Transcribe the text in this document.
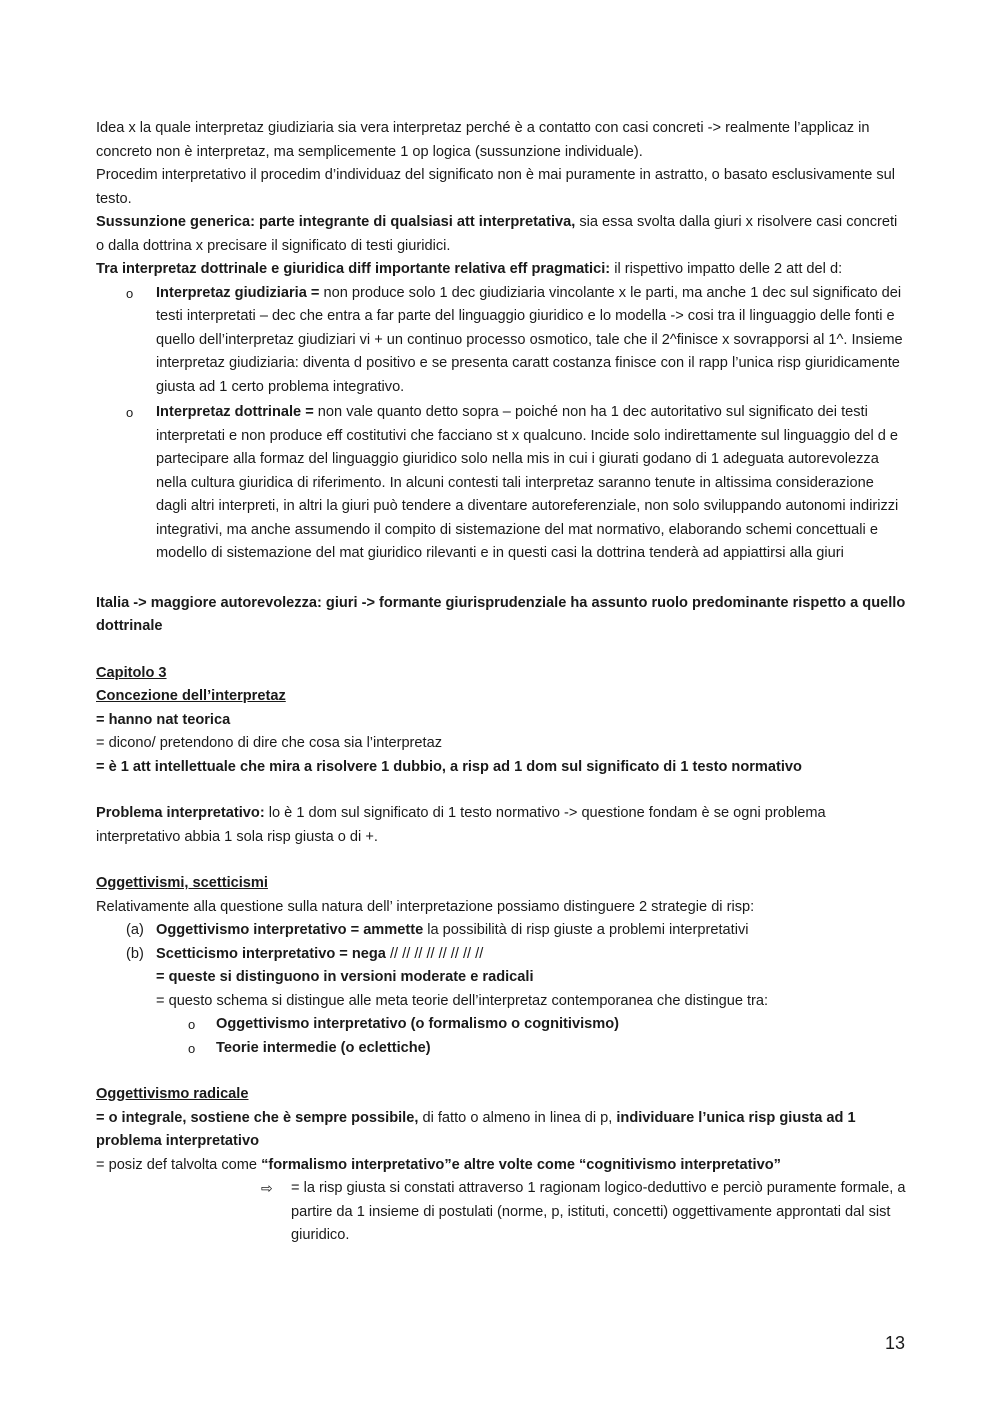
Idea x la quale interpretaz giudiziaria sia vera interpretaz perché è a contatto con casi concreti -> realmente l’applicaz in concreto non è interpretaz, ma semplicemente 1 op logica (sussunzione individuale).

Procedim interpretativo il procedim d’individuaz del significato non è mai puramente in astratto, o basato esclusivamente sul testo.

Sussunzione generica: parte integrante di qualsiasi att interpretativa, sia essa svolta dalla giuri x risolvere casi concreti o dalla dottrina x precisare il significato di testi giuridici.

Tra interpretaz dottrinale e giuridica diff importante relativa eff pragmatici: il rispettivo impatto delle 2 att del d:

o Interpretaz giudiziaria = non produce solo 1 dec giudiziaria vincolante x le parti, ma anche 1 dec sul significato dei testi interpretati – dec che entra a far parte del linguaggio giuridico e lo modella -> cosi tra il linguaggio delle fonti e quello dell’interpretaz giudiziari vi + un continuo processo osmotico, tale che il 2^finisce x sovrapporsi al 1^. Insieme interpretaz giudiziaria: diventa d positivo e se presenta caratt costanza finisce con il rapp l’unica risp giuridicamente giusta ad 1 certo problema integrativo.
o Interpretaz dottrinale = non vale quanto detto sopra – poiché non ha 1 dec autoritativo sul significato dei testi interpretati e non produce eff costitutivi che facciano st x qualcuno. Incide solo indirettamente sul linguaggio del d e partecipare alla formaz del linguaggio giuridico solo nella mis in cui i giurati godano di 1 adeguata autorevolezza nella cultura giuridica di riferimento. In alcuni contesti tali interpretaz saranno tenute in altissima considerazione dagli altri interpreti, in altri la giuri può tendere a diventare autoreferenziale, non solo sviluppando autonomi indirizzi integrativi, ma anche assumendo il compito di sistemazione del mat normativo, elaborando schemi concettuali e modello di sistemazione del mat giuridico rilevanti e in questi casi la dottrina tenderà ad appiattirsi alla giuri

Italia -> maggiore autorevolezza: giuri -> formante giurisprudenziale ha assunto ruolo predominante rispetto a quello dottrinale

Capitolo 3

Concezione dell’interpretaz

= hanno nat teorica

= dicono/ pretendono di dire che cosa sia l’interpretaz

= è 1 att intellettuale che mira a risolvere 1 dubbio, a risp ad 1 dom sul significato di 1 testo normativo

Problema interpretativo: lo è 1 dom sul significato di 1 testo normativo -> questione fondam è se ogni problema interpretativo abbia 1 sola risp giusta o di +.

Oggettivismi, scetticismi

Relativamente alla questione sulla natura dell’ interpretazione possiamo distinguere 2 strategie di risp:

(a) Oggettivismo interpretativo = ammette la possibilità di risp giuste a problemi interpretativi
(b) Scetticismo interpretativo = nega // // // // // // // //

= queste si distinguono in versioni moderate e radicali

= questo schema si distingue alle meta teorie dell’interpretaz contemporanea che distingue tra:

o Oggettivismo interpretativo (o formalismo o cognitivismo)
o Teorie intermedie (o eclettiche)

Oggettivismo radicale

= o integrale, sostiene che è sempre possibile, di fatto o almeno in linea di p, individuare l’unica risp giusta ad 1 problema interpretativo

= posiz def talvolta come “formalismo interpretativo”e altre volte come “cognitivismo interpretativo”

⇨ = la risp giusta si constati attraverso 1 ragionam logico-deduttivo e perciò puramente formale, a partire da 1 insieme di postulati (norme, p, istituti, concetti) oggettivamente approntati dal sist giuridico.

13
